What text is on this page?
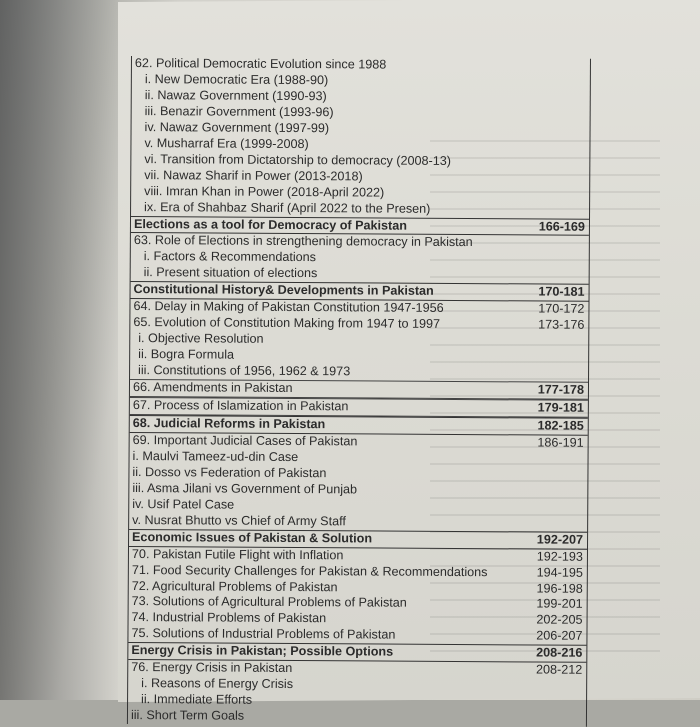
62. Political Democratic Evolution since 1988
i. New Democratic Era (1988-90)
ii. Nawaz Government (1990-93)
iii. Benazir Government (1993-96)
iv. Nawaz Government (1997-99)
v. Musharraf Era (1999-2008)
vi. Transition from Dictatorship to democracy (2008-13)
vii. Nawaz Sharif in Power (2013-2018)
viii. Imran Khan in Power (2018-April 2022)
ix. Era of Shahbaz Sharif (April 2022 to the Presen)
Elections as a tool for Democracy of Pakistan	166-169
63. Role of Elections in strengthening democracy in Pakistan
i. Factors & Recommendations
ii. Present situation of elections
Constitutional History& Developments in Pakistan	170-181
64. Delay in Making of Pakistan Constitution 1947-1956	170-172
65. Evolution of Constitution Making from 1947 to 1997	173-176
i. Objective Resolution
ii. Bogra Formula
iii. Constitutions of 1956, 1962 & 1973
66. Amendments in Pakistan	177-178
67. Process of Islamization in Pakistan	179-181
68. Judicial Reforms in Pakistan	182-185
69. Important Judicial Cases of Pakistan	186-191
i. Maulvi Tameez-ud-din Case
ii. Dosso vs Federation of Pakistan
iii. Asma Jilani vs Government of Punjab
iv. Usif Patel Case
v. Nusrat Bhutto vs Chief of Army Staff
Economic Issues of Pakistan & Solution	192-207
70. Pakistan Futile Flight with Inflation	192-193
71. Food Security Challenges for Pakistan & Recommendations	194-195
72. Agricultural Problems of Pakistan	196-198
73. Solutions of Agricultural Problems of Pakistan	199-201
74. Industrial Problems of Pakistan	202-205
75. Solutions of Industrial Problems of Pakistan	206-207
Energy Crisis in Pakistan; Possible Options	208-216
76. Energy Crisis in Pakistan	208-212
i. Reasons of Energy Crisis
ii. Immediate Efforts
iii. Short Term Goals
